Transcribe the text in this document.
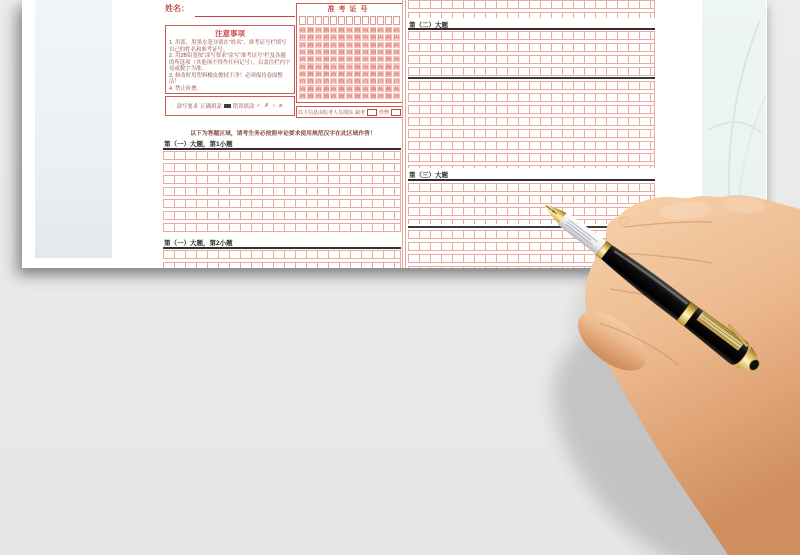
姓名：
注意事项
1. 用蓝、黑墨水笔分别在“姓名”、准考证号栏填写自己的姓名和准考证号。
2. 用2B铅笔按“涂写要求”涂写“准考证号”栏及各题的所选项（其他项不得作任何记号），以盖住栏内字母或数字为准。
3. 修改时用塑料橡皮擦拭干净！必须保持卷面整洁！
4. 禁止折叠。
涂写要求 正确填涂 错误填涂 ✓ ✗ ○ ⌀
准考证号
[0] [0] [0] [0] [0] [0] [0] [0] [0] [0] [0] [0] [0]
[1] [1] [1] [1] [1] [1] [1] [1] [1] [1] [1] [1] [1]
[2] [2] [2] [2] [2] [2] [2] [2] [2] [2] [2] [2] [2]
[3] [3] [3] [3] [3] [3] [3] [3] [3] [3] [3] [3] [3]
[4] [4] [4] [4] [4] [4] [4] [4] [4] [4] [4] [4] [4]
[5] [5] [5] [5] [5] [5] [5] [5] [5] [5] [5] [5] [5]
[6] [6] [6] [6] [6] [6] [6] [6] [6] [6] [6] [6] [6]
[7] [7] [7] [7] [7] [7] [7] [7] [7] [7] [7] [7] [7]
[8] [8] [8] [8] [8] [8] [8] [8] [8] [8] [8] [8] [8]
[9] [9] [9] [9] [9] [9] [9] [9] [9] [9] [9] [9] [9]
以下信息由监考人员填涂 缺考	作弊
以下为答题区域，请考生务必按照申论要求使用规范汉字在此区域作答！
第（一）大题，第1小题
第（一）大题，第2小题
第（二）大题
第（三）大题
